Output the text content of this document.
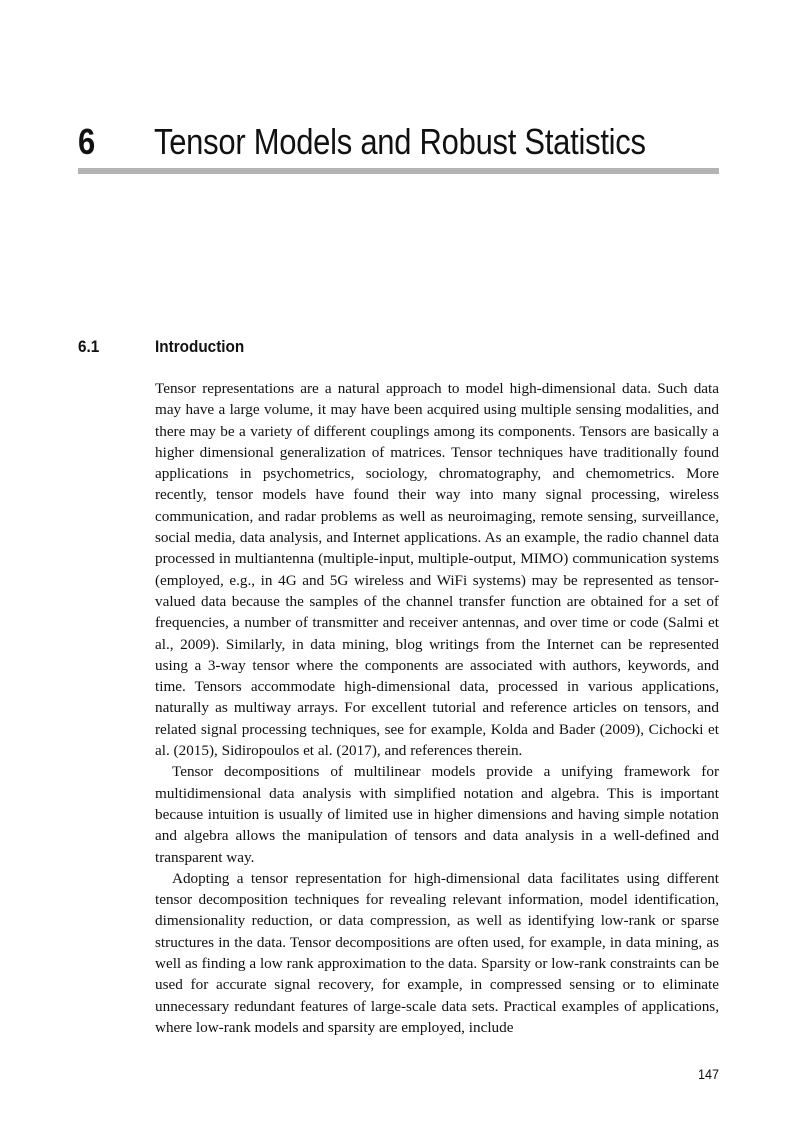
6 Tensor Models and Robust Statistics
6.1	Introduction

Tensor representations are a natural approach to model high-dimensional data. Such data may have a large volume, it may have been acquired using multiple sensing modalities, and there may be a variety of different couplings among its components. Tensors are basically a higher dimensional generalization of matrices. Tensor techniques have traditionally found applications in psychometrics, sociology, chromatography, and chemometrics. More recently, tensor models have found their way into many signal processing, wireless communication, and radar problems as well as neuroimaging, remote sensing, surveillance, social media, data analysis, and Internet applications. As an example, the radio channel data processed in multiantenna (multiple-input, multiple-output, MIMO) communication systems (employed, e.g., in 4G and 5G wireless and WiFi systems) may be represented as tensor-valued data because the samples of the channel transfer function are obtained for a set of frequencies, a number of transmitter and receiver antennas, and over time or code (Salmi et al., 2009). Similarly, in data mining, blog writings from the Internet can be represented using a 3-way tensor where the components are associated with authors, keywords, and time. Tensors accommodate high-dimensional data, processed in various applications, naturally as multiway arrays. For excellent tutorial and reference articles on tensors, and related signal processing techniques, see for example, Kolda and Bader (2009), Cichocki et al. (2015), Sidiropoulos et al. (2017), and references therein.

Tensor decompositions of multilinear models provide a unifying framework for multidimensional data analysis with simplified notation and algebra. This is important because intuition is usually of limited use in higher dimensions and having simple notation and algebra allows the manipulation of tensors and data analysis in a well-defined and transparent way.

Adopting a tensor representation for high-dimensional data facilitates using different tensor decomposition techniques for revealing relevant information, model identification, dimensionality reduction, or data compression, as well as identifying low-rank or sparse structures in the data. Tensor decompositions are often used, for example, in data mining, as well as finding a low rank approximation to the data. Sparsity or low-rank constraints can be used for accurate signal recovery, for example, in compressed sensing or to eliminate unnecessary redundant features of large-scale data sets. Practical examples of applications, where low-rank models and sparsity are employed, include

147
